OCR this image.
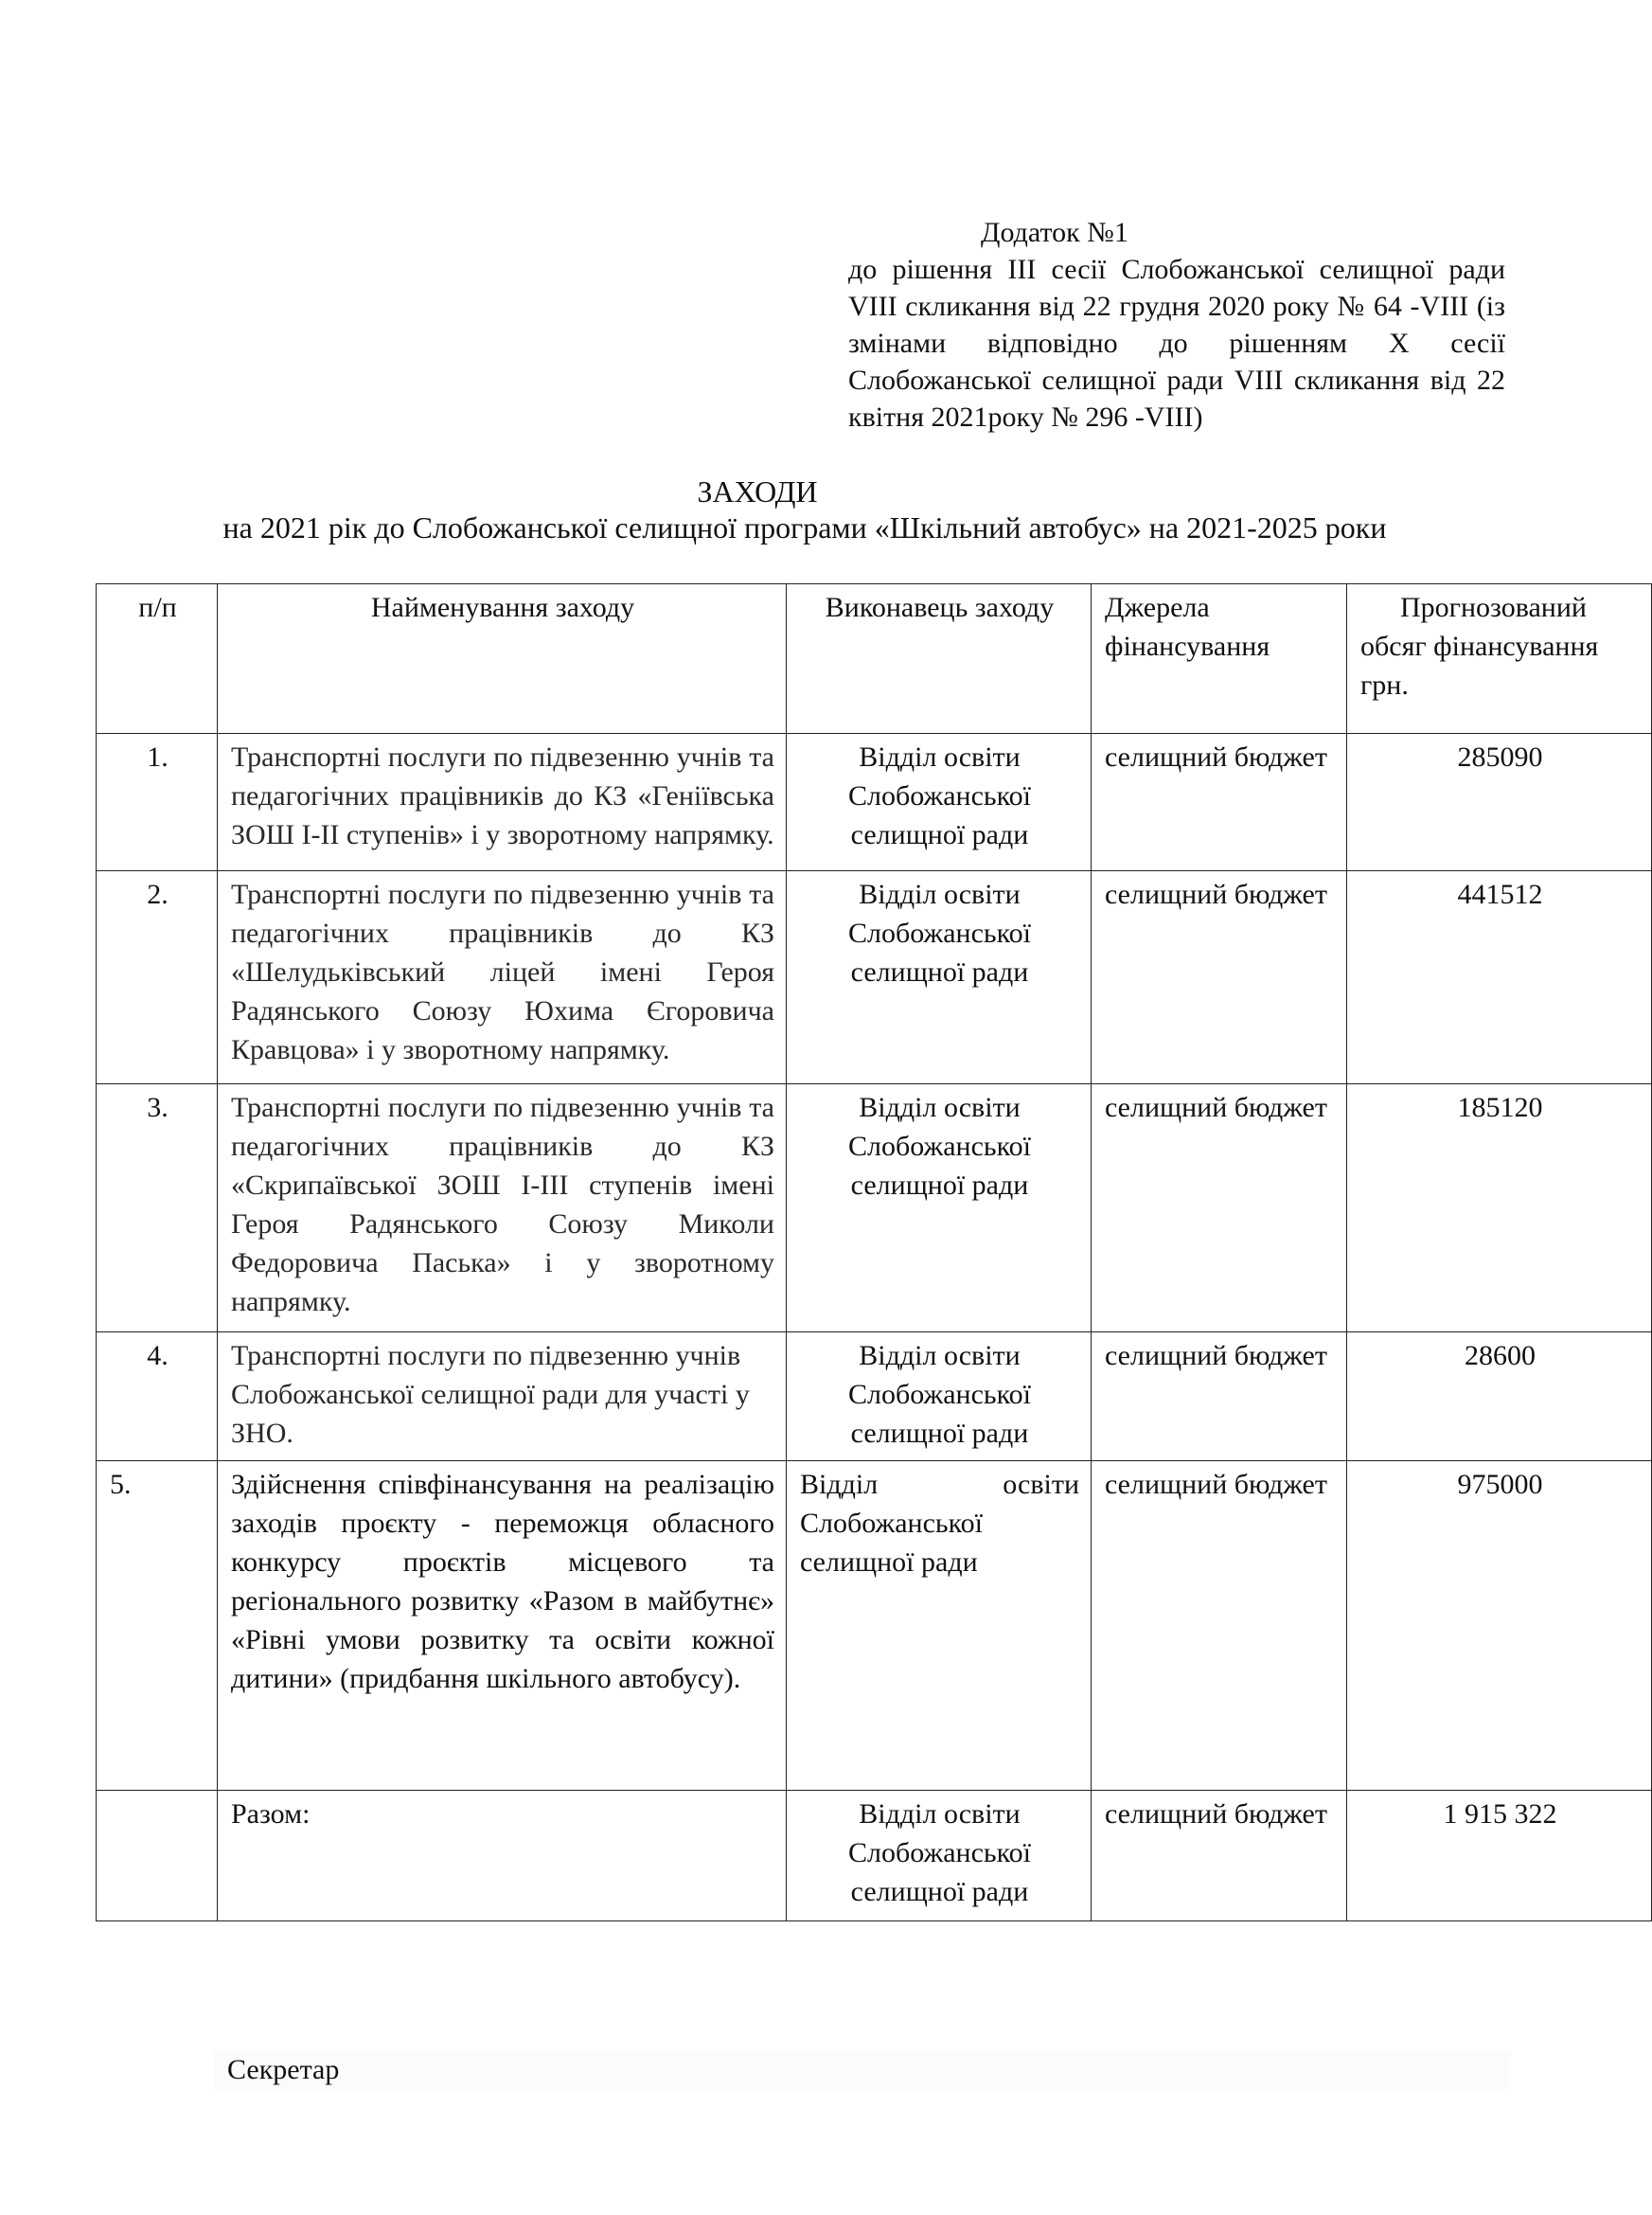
Додаток №1
до рішення III сесії Слобожанської селищної ради VIII скликання від 22 грудня 2020 року № 64 -VIII (із змінами відповідно до рішенням Х сесії Слобожанської селищної ради VIII скликання від 22 квітня 2021року № 296 -VIII)
ЗАХОДИ
на 2021 рік до Слобожанської селищної програми «Шкільний автобус» на 2021-2025 роки
п/п	Найменування заходу	Виконавець заходу	Джерела фінансування	Прогнозований
обсяг фінансування грн.
1.	Транспортні послуги по підвезенню учнів та педагогічних працівників до КЗ «Геніївська ЗОШ І-ІІ ступенів» і у зворотному напрямку.	Відділ освіти Слобожанської селищної ради	селищний бюджет	285090
2.	Транспортні послуги по підвезенню учнів та педагогічних працівників до КЗ «Шелудьківський ліцей імені Героя Радянського Союзу Юхима Єгоровича Кравцова» і у зворотному напрямку.	Відділ освіти Слобожанської селищної ради	селищний бюджет	441512
3.	Транспортні послуги по підвезенню учнів та педагогічних працівників до КЗ «Скрипаївської ЗОШ І-ІІІ ступенів імені Героя Радянського Союзу Миколи Федоровича Паська» і у зворотному напрямку.	Відділ освіти Слобожанської селищної ради	селищний бюджет	185120
4.	Транспортні послуги по підвезенню учнів Слобожанської селищної ради для участі у ЗНО.	Відділ освіти Слобожанської селищної ради	селищний бюджет	28600
5.	Здійснення співфінансування на реалізацію заходів проєкту - переможця обласного конкурсу проєктів місцевого та регіонального розвитку «Разом в майбутнє» «Рівні умови розвитку та освіти кожної дитини» (придбання шкільного автобусу).	Відділ освіти Слобожанської селищної ради	селищний бюджет	975000
	Разом:	Відділ освіти Слобожанської селищної ради	селищний бюджет	1 915 322
Секретар
